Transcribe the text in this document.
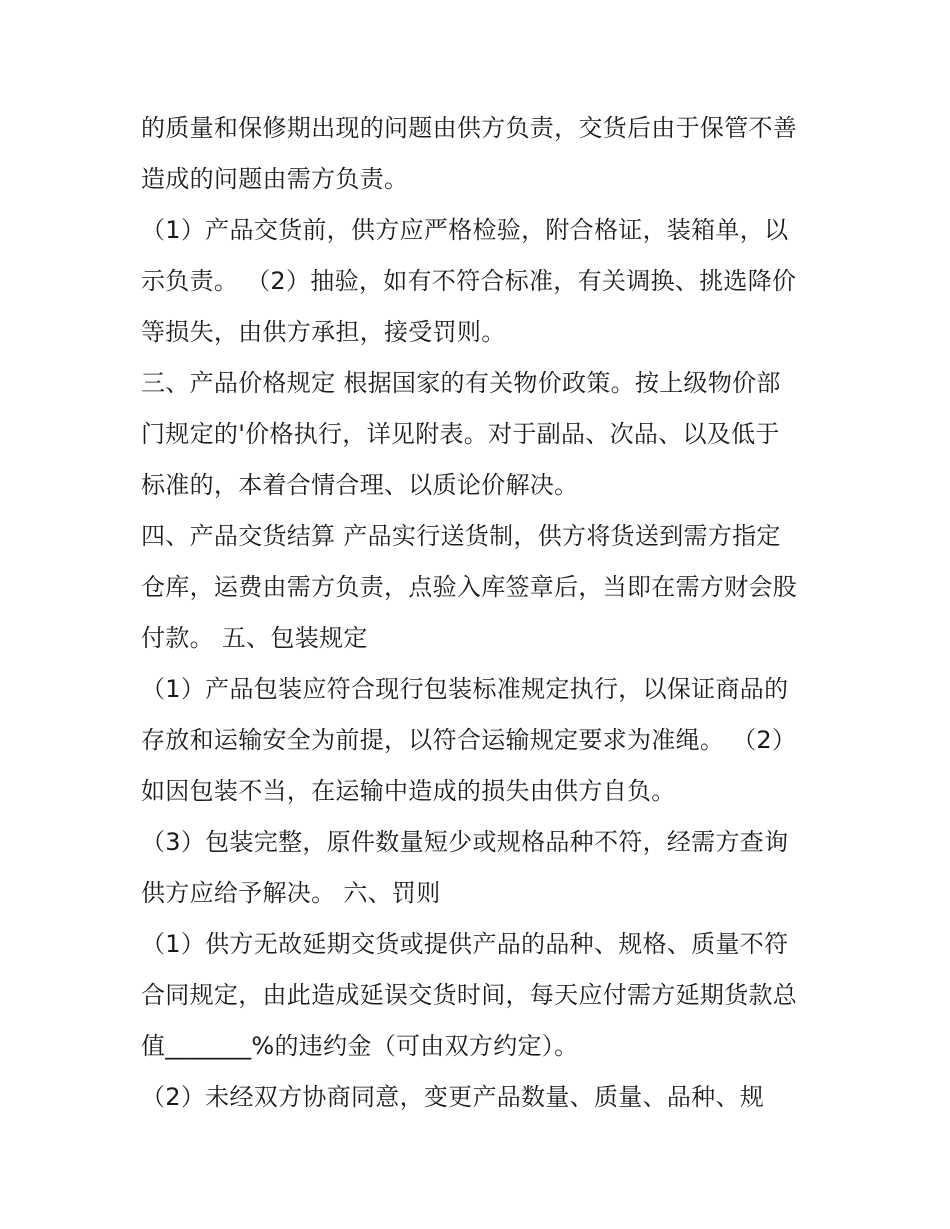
的质量和保修期出现的问题由供方负责，交货后由于保管不善
造成的问题由需方负责。
（1）产品交货前，供方应严格检验，附合格证，装箱单，以
示负责。 （2）抽验，如有不符合标准，有关调换、挑选降价
等损失，由供方承担，接受罚则。
三、产品价格规定 根据国家的有关物价政策。按上级物价部
门规定的'价格执行，详见附表。对于副品、次品、以及低于
标准的，本着合情合理、以质论价解决。
四、产品交货结算 产品实行送货制，供方将货送到需方指定
仓库，运费由需方负责，点验入库签章后，当即在需方财会股
付款。 五、包装规定
（1）产品包装应符合现行包装标准规定执行，以保证商品的
存放和运输安全为前提，以符合运输规定要求为准绳。 （2）
如因包装不当，在运输中造成的损失由供方自负。
（3）包装完整，原件数量短少或规格品种不符，经需方查询
供方应给予解决。 六、罚则
（1）供方无故延期交货或提供产品的品种、规格、质量不符
合同规定，由此造成延误交货时间，每天应付需方延期货款总
值_______%的违约金（可由双方约定）。
（2）未经双方协商同意，变更产品数量、质量、品种、规
